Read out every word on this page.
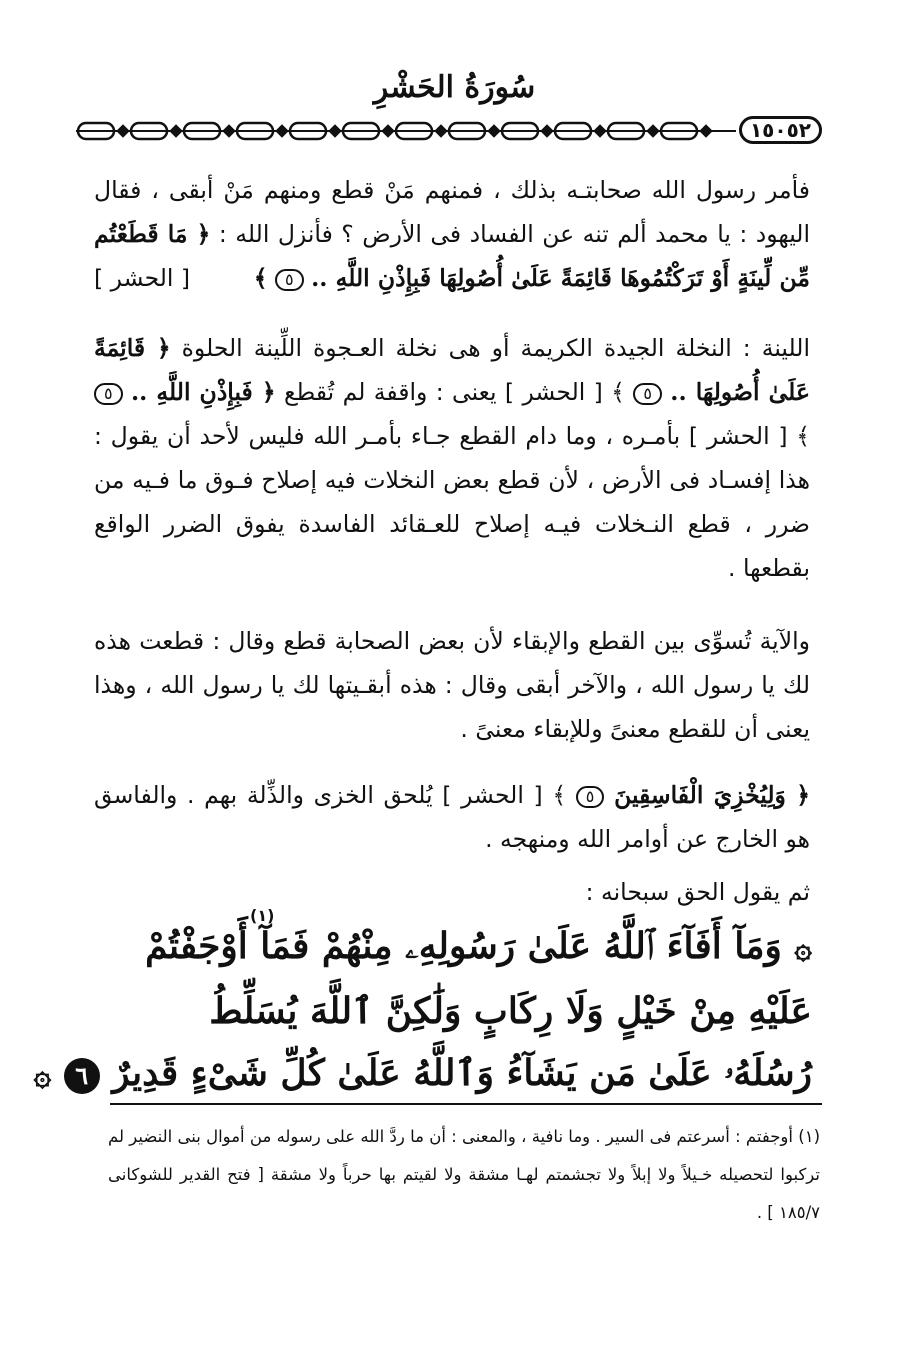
سُورَةُ الحَشْرِ
١٥٠٥٢

فأمر رسول الله صحابتـه بذلك ، فمنهم مَنْ قطع ومنهم مَنْ أبقى ، فقال اليهود : يا محمد ألم تنه عن الفساد فى الأرض ؟ فأنزل الله : ﴿ مَا قَطَعْتُم مِّن لِّينَةٍ أَوْ تَرَكْتُمُوهَا قَائِمَةً عَلَىٰ أُصُولِهَا فَبِإِذْنِ اللَّهِ .. ٥ ﴾
[ الحشر ]

اللينة : النخلة الجيدة الكريمة أو هى نخلة العـجوة اللِّينة الحلوة ﴿ قَائِمَةً عَلَىٰ أُصُولِهَا .. ٥ ﴾ [ الحشر ] يعنى : واقفة لم تُقطع ﴿ فَبِإِذْنِ اللَّهِ .. ٥ ﴾ [ الحشر ] بأمـره ، وما دام القطع جـاء بأمـر الله فليس لأحد أن يقول : هذا إفسـاد فى الأرض ، لأن قطع بعض النخلات فيه إصلاح فـوق ما فـيه من ضرر ، قطع النـخلات فيـه إصلاح للعـقائد الفاسدة يفوق الضرر الواقع بقطعها .

والآية تُسوِّى بين القطع والإبقاء لأن بعض الصحابة قطع وقال : قطعت هذه لك يا رسول الله ، والآخر أبقى وقال : هذه أبقـيتها لك يا رسول الله ، وهذا يعنى أن للقطع معنىً وللإبقاء معنىً .

﴿ وَلِيُخْزِيَ الْفَاسِقِينَ ٥ ﴾ [ الحشر ] يُلحق الخزى والذِّلة بهم . والفاسق هو الخارج عن أوامر الله ومنهجه .

ثم يقول الحق سبحانه :

(١)
۞ وَمَآ أَفَآءَ ٱللَّهُ عَلَىٰ رَسُولِهِۦ مِنْهُمْ فَمَآ أَوْجَفْتُمْ
عَلَيْهِ مِنْ خَيْلٍ وَلَا رِكَابٍ وَلَٰكِنَّ ٱللَّهَ يُسَلِّطُ
رُسُلَهُۥ عَلَىٰ مَن يَشَآءُ وَٱللَّهُ عَلَىٰ كُلِّ شَىْءٍ قَدِيرٌ ٦ ۞
(١) أوجفتم : أسرعتم فى السير . وما نافية ، والمعنى : أن ما ردَّ الله على رسوله من أموال بنى النضير لم تركبوا لتحصيله خـيلاً ولا إبلاً ولا تجشمتم لهـا مشقة ولا لقيتم بها حرباً ولا مشقة [ فتح القدير للشوكانى ١٨٥/٧ ] .
